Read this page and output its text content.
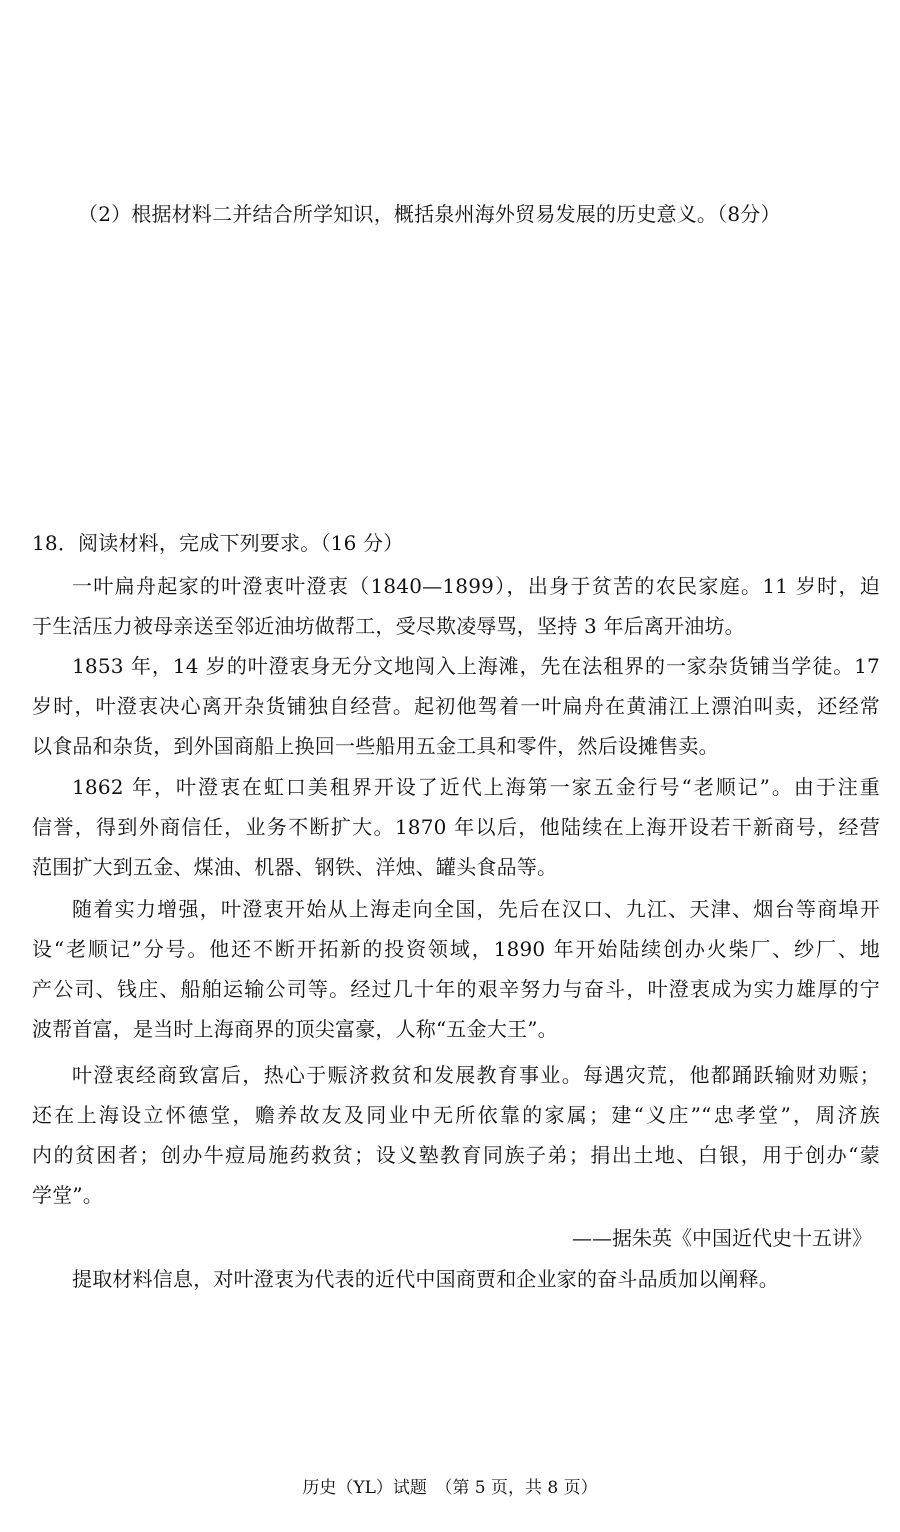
（2）根据材料二并结合所学知识，概括泉州海外贸易发展的历史意义。（8分）
18．阅读材料，完成下列要求。（16 分）
一叶扁舟起家的叶澄衷叶澄衷（1840—1899），出身于贫苦的农民家庭。11 岁时，迫
于生活压力被母亲送至邻近油坊做帮工，受尽欺凌辱骂，坚持 3 年后离开油坊。
1853 年，14 岁的叶澄衷身无分文地闯入上海滩，先在法租界的一家杂货铺当学徒。17
岁时，叶澄衷决心离开杂货铺独自经营。起初他驾着一叶扁舟在黄浦江上漂泊叫卖，还经常
以食品和杂货，到外国商船上换回一些船用五金工具和零件，然后设摊售卖。
1862 年，叶澄衷在虹口美租界开设了近代上海第一家五金行号“老顺记”。由于注重
信誉，得到外商信任，业务不断扩大。1870 年以后，他陆续在上海开设若干新商号，经营
范围扩大到五金、煤油、机器、钢铁、洋烛、罐头食品等。
随着实力增强，叶澄衷开始从上海走向全国，先后在汉口、九江、天津、烟台等商埠开
设“老顺记”分号。他还不断开拓新的投资领域，1890 年开始陆续创办火柴厂、纱厂、地
产公司、钱庄、船舶运输公司等。经过几十年的艰辛努力与奋斗，叶澄衷成为实力雄厚的宁
波帮首富，是当时上海商界的顶尖富豪，人称“五金大王”。
叶澄衷经商致富后，热心于赈济救贫和发展教育事业。每遇灾荒，他都踊跃输财劝赈；
还在上海设立怀德堂，赡养故友及同业中无所依靠的家属；建“义庄”“忠孝堂”，周济族
内的贫困者；创办牛痘局施药救贫；设义塾教育同族子弟；捐出土地、白银，用于创办“蒙
学堂”。
——据朱英《中国近代史十五讲》
提取材料信息，对叶澄衷为代表的近代中国商贾和企业家的奋斗品质加以阐释。
历史（YL）试题　（第 5 页，共 8 页）
